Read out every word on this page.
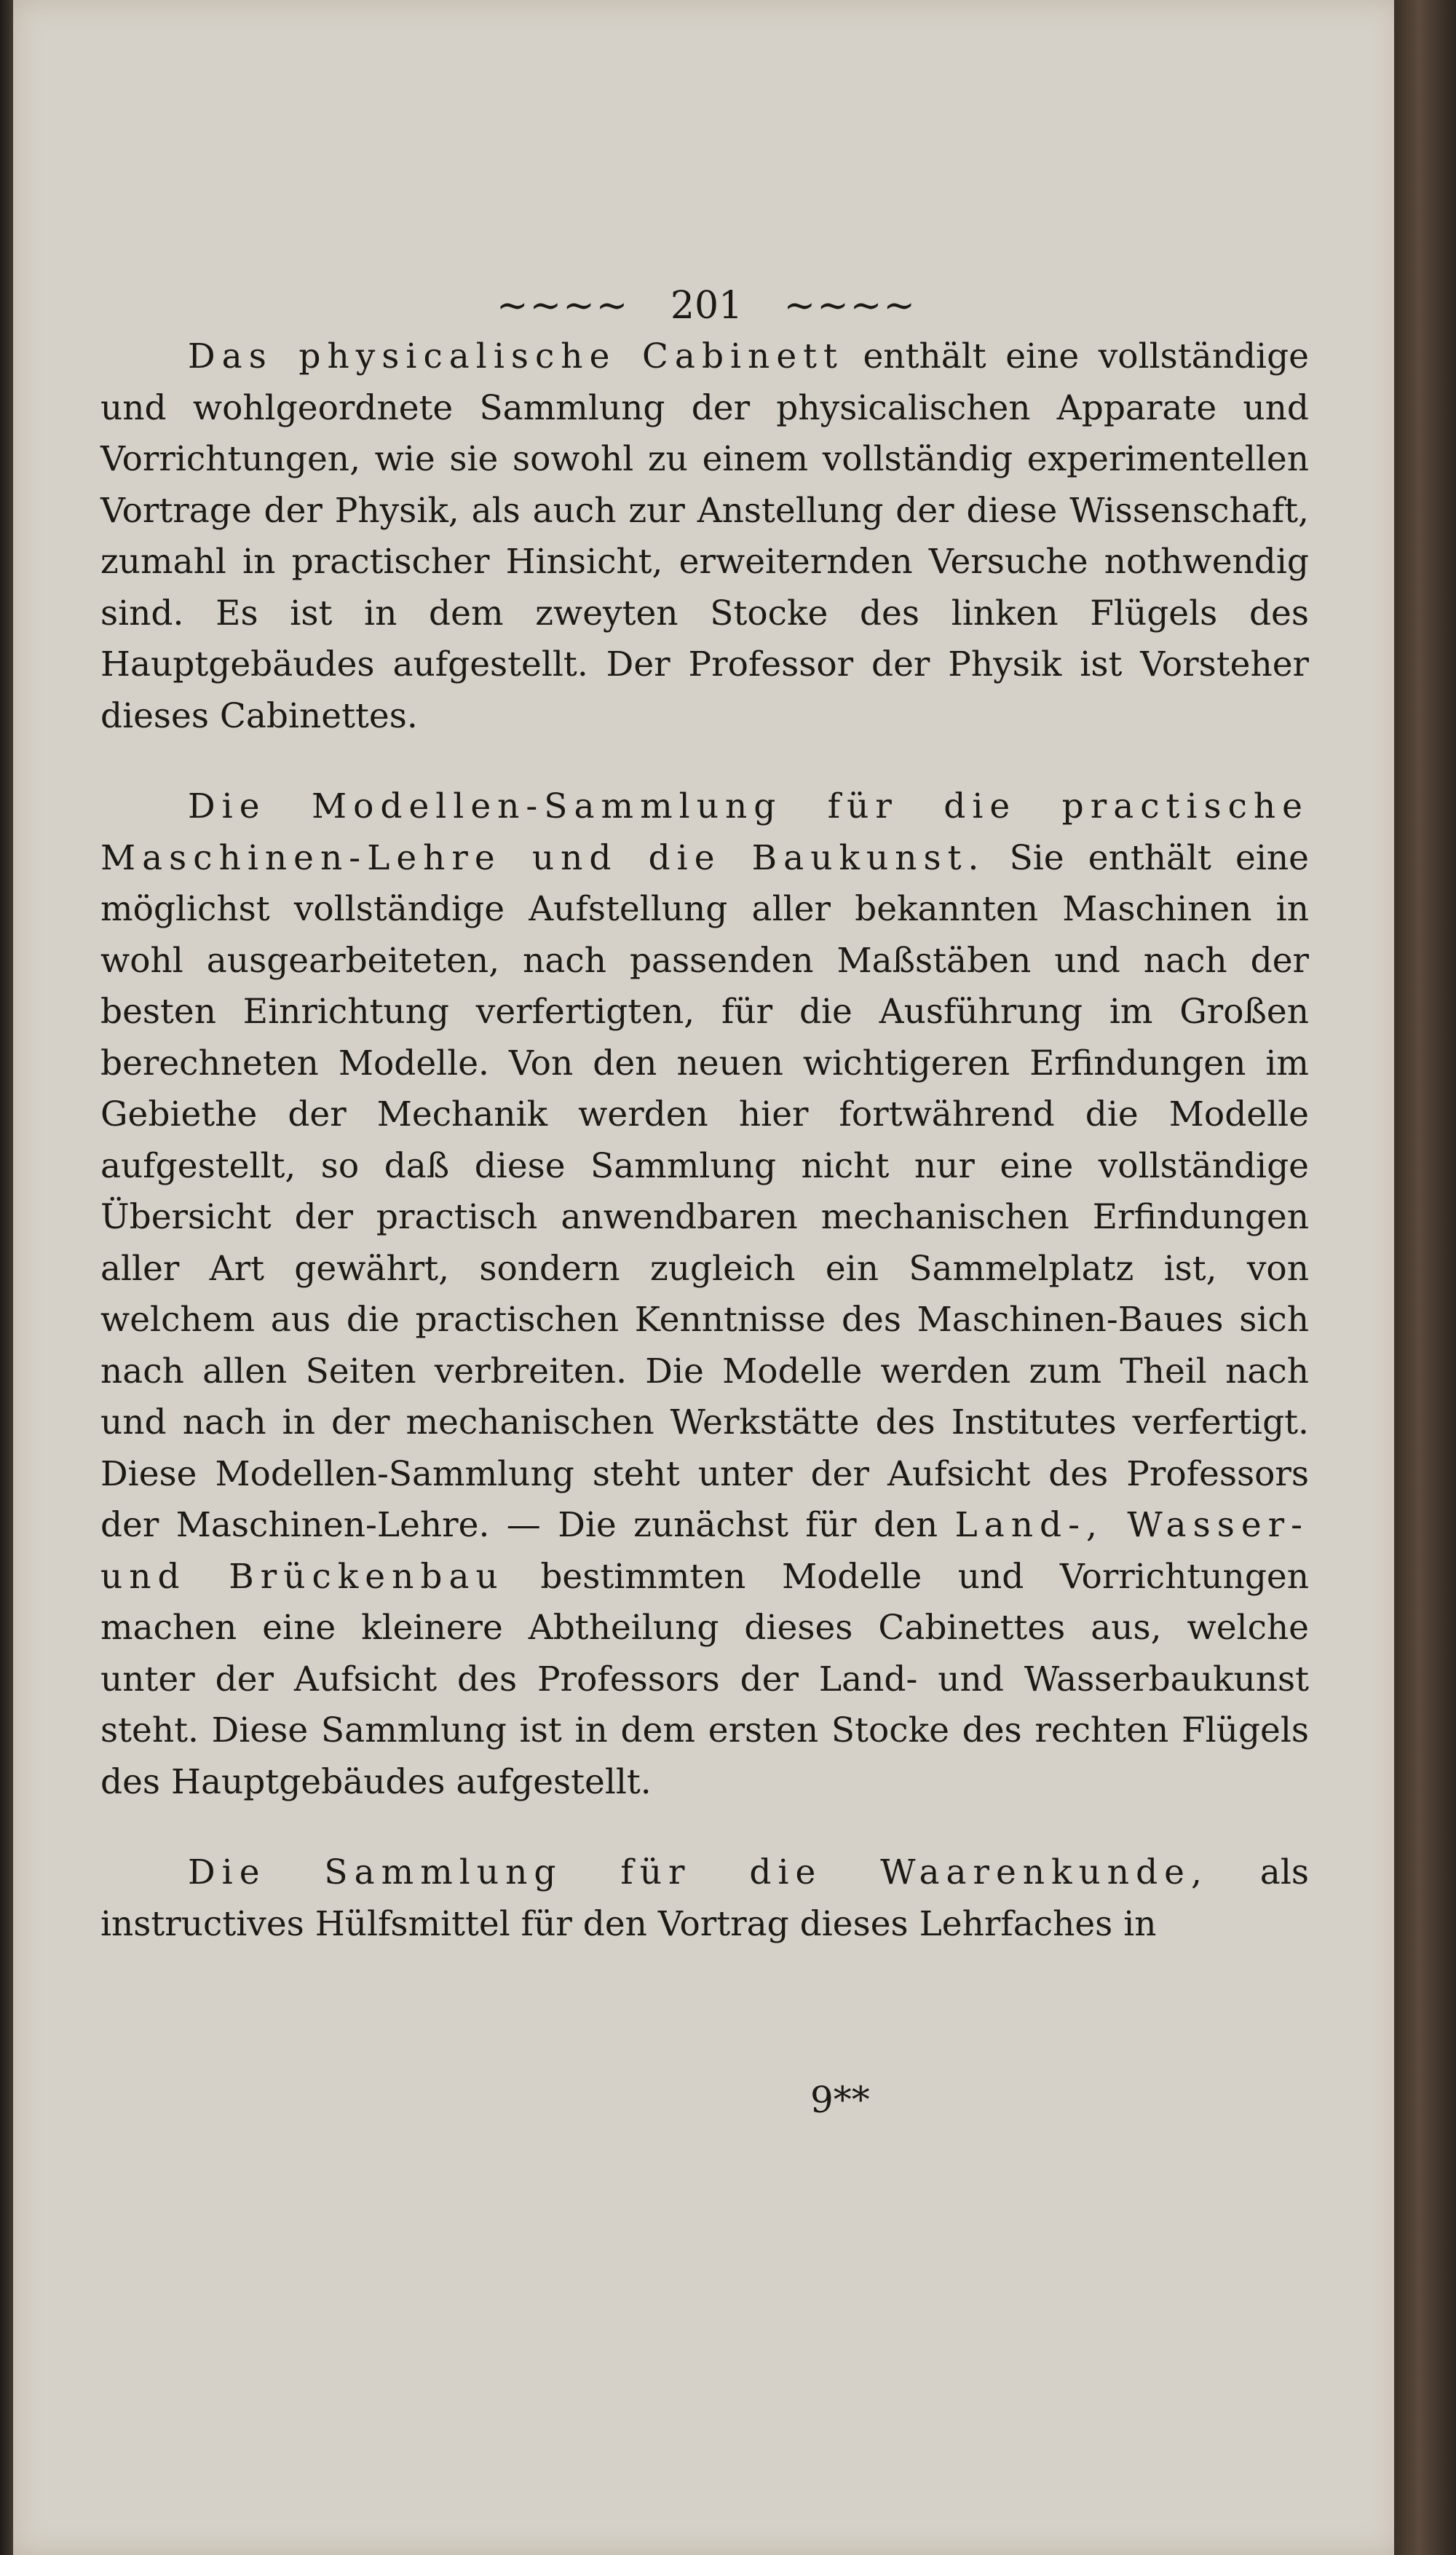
~~~~ 201 ~~~~

Das physicalische Cabinett enthält eine vollständige und wohlgeordnete Sammlung der physicalischen Apparate und Vorrichtungen, wie sie sowohl zu einem vollständig experimentellen Vortrage der Physik, als auch zur Anstellung der diese Wissenschaft, zumahl in practischer Hinsicht, erweiternden Versuche nothwendig sind. Es ist in dem zweyten Stocke des linken Flügels des Hauptgebäudes aufgestellt. Der Professor der Physik ist Vorsteher dieses Cabinettes.

Die Modellen-Sammlung für die practische Maschinen-Lehre und die Baukunst. Sie enthält eine möglichst vollständige Aufstellung aller bekannten Maschinen in wohl ausgearbeiteten, nach passenden Maßstäben und nach der besten Einrichtung verfertigten, für die Ausführung im Großen berechneten Modelle. Von den neuen wichtigeren Erfindungen im Gebiethe der Mechanik werden hier fortwährend die Modelle aufgestellt, so daß diese Sammlung nicht nur eine vollständige Übersicht der practisch anwendbaren mechanischen Erfindungen aller Art gewährt, sondern zugleich ein Sammelplatz ist, von welchem aus die practischen Kenntnisse des Maschinen-Baues sich nach allen Seiten verbreiten. Die Modelle werden zum Theil nach und nach in der mechanischen Werkstätte des Institutes verfertigt. Diese Modellen-Sammlung steht unter der Aufsicht des Professors der Maschinen-Lehre. — Die zunächst für den Land-, Wasser- und Brückenbau bestimmten Modelle und Vorrichtungen machen eine kleinere Abtheilung dieses Cabinettes aus, welche unter der Aufsicht des Professors der Land- und Wasserbaukunst steht. Diese Sammlung ist in dem ersten Stocke des rechten Flügels des Hauptgebäudes aufgestellt.

Die Sammlung für die Waarenkunde, als instructives Hülfsmittel für den Vortrag dieses Lehrfaches in

9**
